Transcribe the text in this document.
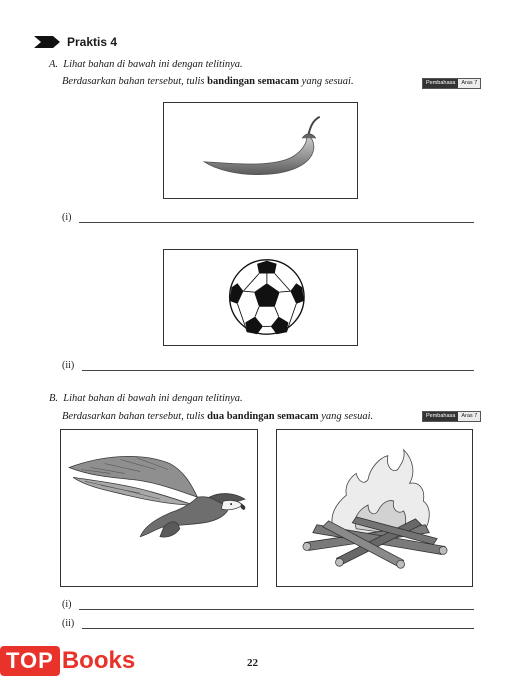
Praktis 4
A. Lihat bahan di bawah ini dengan telitinya.
Berdasarkan bahan tersebut, tulis bandingan semacam yang sesuai.	Pembahasa	Aras 7
(i)
(ii)
B. Lihat bahan di bawah ini dengan telitinya.
Berdasarkan bahan tersebut, tulis dua bandingan semacam yang sesuai.	Pembahasa	Aras 7
(i)
(ii)
22
TOP Books
